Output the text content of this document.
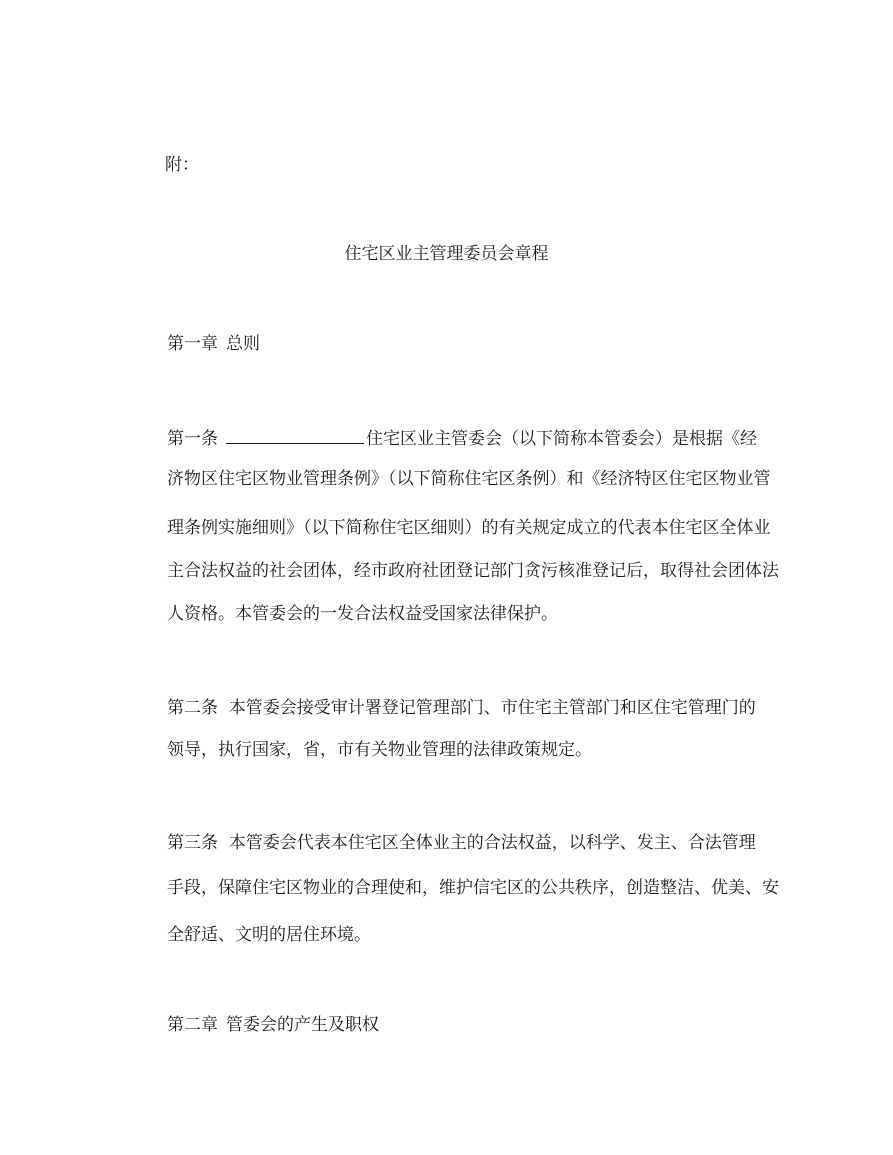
附：
住宅区业主管理委员会章程
第一章 总则
第一条	住宅区业主管委会（以下简称本管委会）是根据《经
济物区住宅区物业管理条例》（以下简称住宅区条例）和《经济特区住宅区物业管
理条例实施细则》（以下简称住宅区细则）的有关规定成立的代表本住宅区全体业
主合法权益的社会团体，经市政府社团登记部门贪污核准登记后，取得社会团体法
人资格。本管委会的一发合法权益受国家法律保护。
第二条  本管委会接受审计署登记管理部门、市住宅主管部门和区住宅管理门的
领导，执行国家，省，市有关物业管理的法律政策规定。
第三条  本管委会代表本住宅区全体业主的合法权益，以科学、发主、合法管理
手段，保障住宅区物业的合理使和，维护信宅区的公共秩序，创造整洁、优美、安
全舒适、文明的居住环境。
第二章 管委会的产生及职权
